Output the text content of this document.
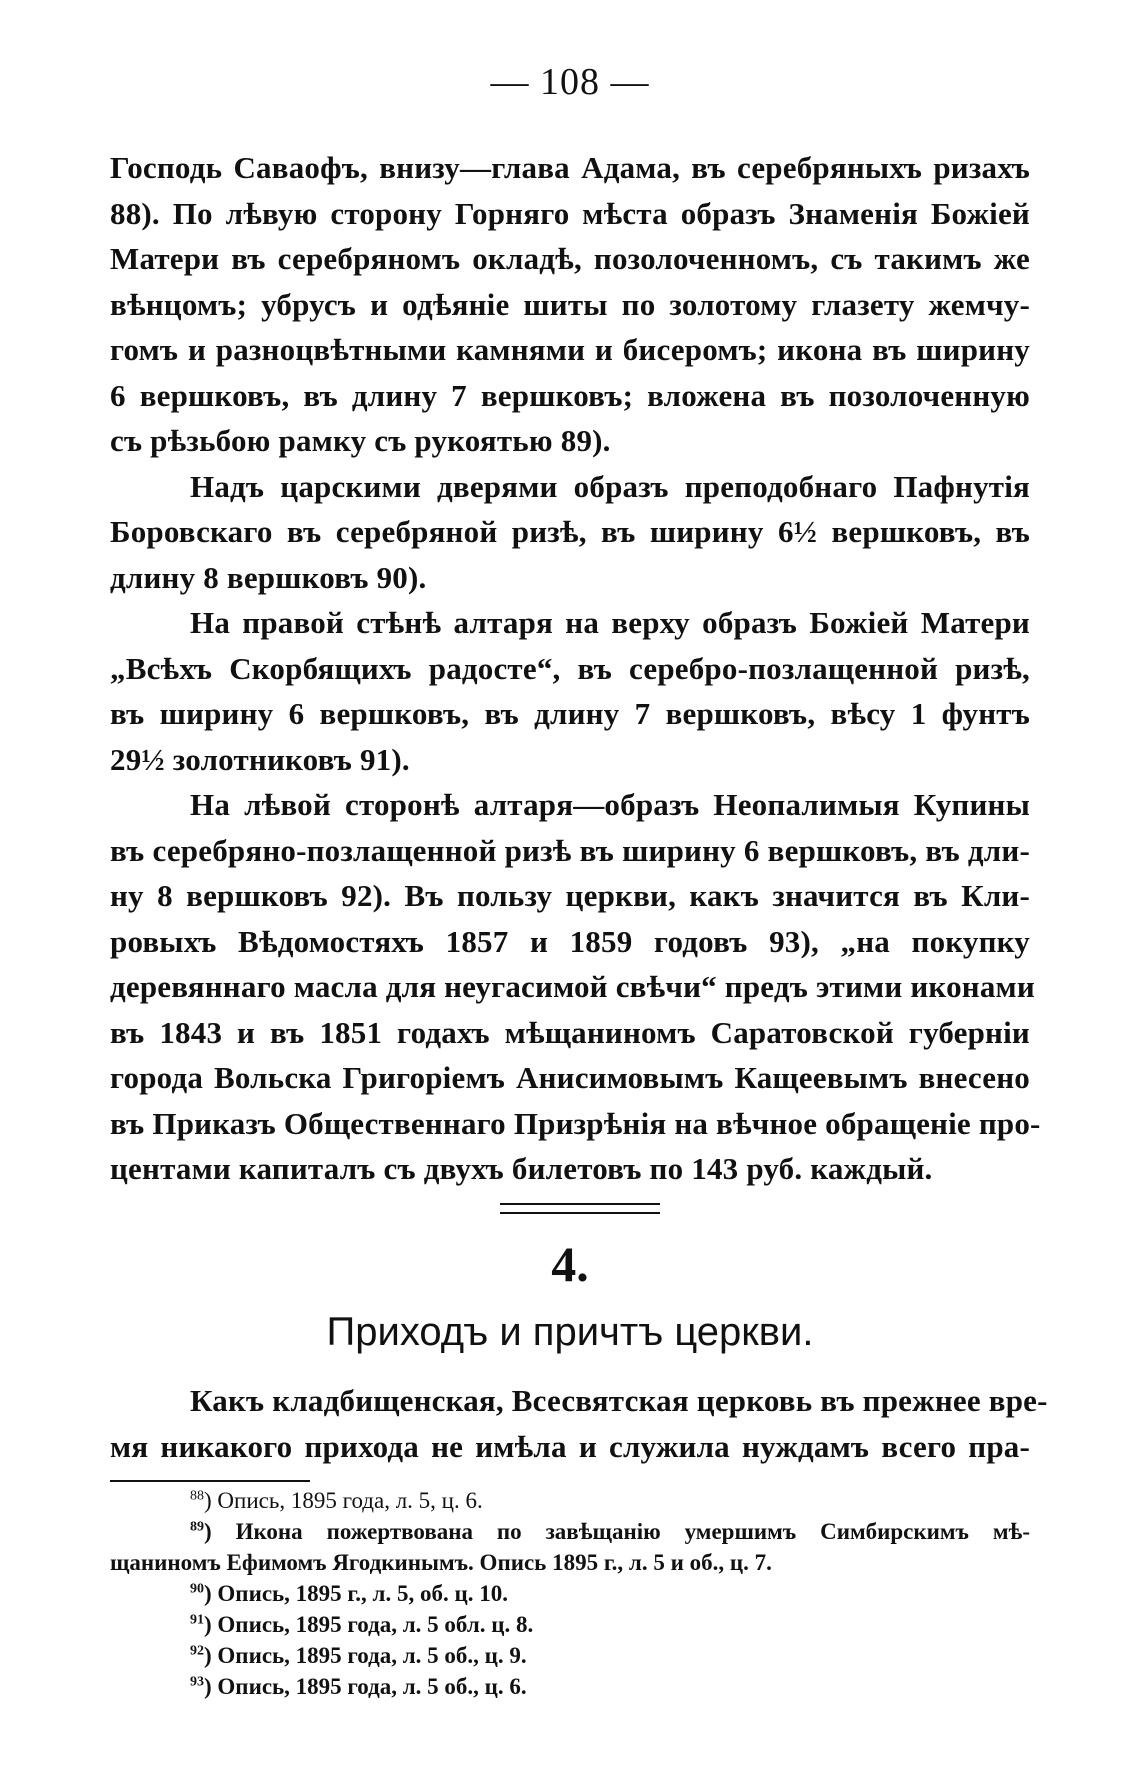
— 108 —
Господь Саваофъ, внизу—глава Адама, въ серебряныхъ ризахъ
88). По лѣвую сторону Горняго мѣста образъ Знаменія Божіей
Матери въ серебряномъ окладѣ, позолоченномъ, съ такимъ же
вѣнцомъ; убрусъ и одѣяніе шиты по золотому глазету жемчу-
гомъ и разноцвѣтными камнями и бисеромъ; икона въ ширину
6 вершковъ, въ длину 7 вершковъ; вложена въ позолоченную
съ рѣзьбою рамку съ рукоятью 89).
Надъ царскими дверями образъ преподобнаго Пафнутія
Боровскаго въ серебряной ризѣ, въ ширину 6½ вершковъ, въ
длину 8 вершковъ 90).
На правой стѣнѣ алтаря на верху образъ Божіей Матери
„Всѣхъ Скорбящихъ радосте“, въ серебро-позлащенной ризѣ,
въ ширину 6 вершковъ, въ длину 7 вершковъ, вѣсу 1 фунтъ
29½ золотниковъ 91).
На лѣвой сторонѣ алтаря—образъ Неопалимыя Купины
въ серебряно-позлащенной ризѣ въ ширину 6 вершковъ, въ дли-
ну 8 вершковъ 92). Въ пользу церкви, какъ значится въ Кли-
ровыхъ Вѣдомостяхъ 1857 и 1859 годовъ 93), „на покупку
деревяннаго масла для неугасимой свѣчи“ предъ этими иконами
въ 1843 и въ 1851 годахъ мѣщаниномъ Саратовской губерніи
города Вольска Григоріемъ Анисимовымъ Кащеевымъ внесено
въ Приказъ Общественнаго Призрѣнія на вѣчное обращеніе про-
центами капиталъ съ двухъ билетовъ по 143 руб. каждый.
4.
Приходъ и причтъ церкви.
Какъ кладбищенская, Всесвятская церковь въ прежнее вре-
мя никакого прихода не имѣла и служила нуждамъ всего пра-
$^{88}$) Опись, 1895 года, л. 5, ц. 6.
$^{89}$) Икона пожертвована по завѣщанію умершимъ Симбирскимъ мѣ-
щаниномъ Ефимомъ Ягодкинымъ. Опись 1895 г., л. 5 и об., ц. 7.
$^{90}$) Опись, 1895 г., л. 5, об. ц. 10.
$^{91}$) Опись, 1895 года, л. 5 обл. ц. 8.
$^{92}$) Опись, 1895 года, л. 5 об., ц. 9.
$^{93}$) Опись, 1895 года, л. 5 об., ц. 6.
